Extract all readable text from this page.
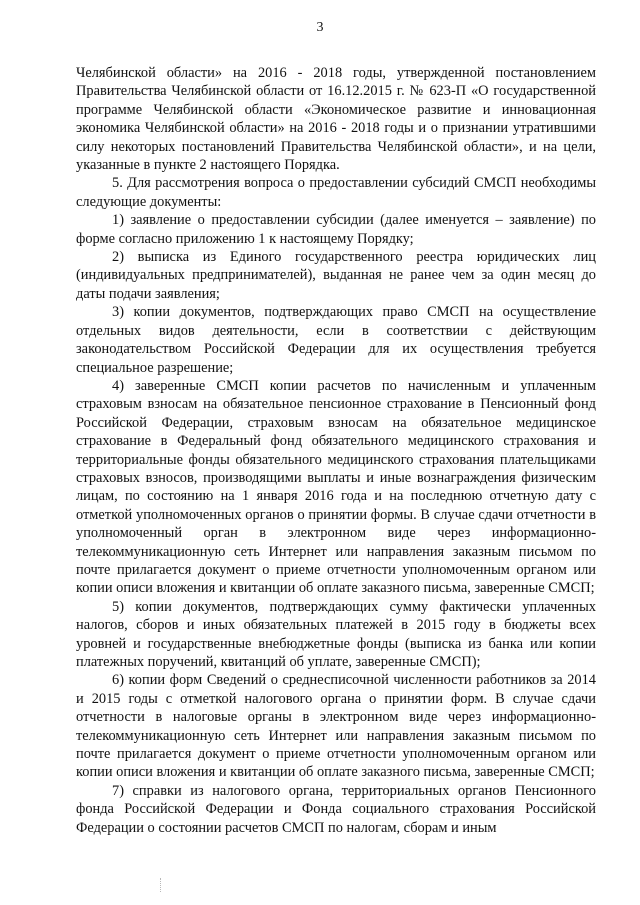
3

Челябинской области» на 2016 - 2018 годы, утвержденной постановлением Правительства Челябинской области от 16.12.2015 г. № 623-П «О государственной программе Челябинской области «Экономическое развитие и инновационная экономика Челябинской области» на 2016 - 2018 годы и о признании утратившими силу некоторых постановлений Правительства Челябинской области», и на цели, указанные в пункте 2 настоящего Порядка.

5. Для рассмотрения вопроса о предоставлении субсидий СМСП необходимы следующие документы:

1) заявление о предоставлении субсидии (далее именуется – заявление) по форме согласно приложению 1 к настоящему Порядку;

2) выписка из Единого государственного реестра юридических лиц (индивидуальных предпринимателей), выданная не ранее чем за один месяц до даты подачи заявления;

3) копии документов, подтверждающих право СМСП на осуществление отдельных видов деятельности, если в соответствии с действующим законодательством Российской Федерации для их осуществления требуется специальное разрешение;

4) заверенные СМСП копии расчетов по начисленным и уплаченным страховым взносам на обязательное пенсионное страхование в Пенсионный фонд Российской Федерации, страховым взносам на обязательное медицинское страхование в Федеральный фонд обязательного медицинского страхования и территориальные фонды обязательного медицинского страхования плательщиками страховых взносов, производящими выплаты и иные вознаграждения физическим лицам, по состоянию на 1 января 2016 года и на последнюю отчетную дату с отметкой уполномоченных органов о принятии формы. В случае сдачи отчетности в уполномоченный орган в электронном виде через информационно-телекоммуникационную сеть Интернет или направления заказным письмом по почте прилагается документ о приеме отчетности уполномоченным органом или копии описи вложения и квитанции об оплате заказного письма, заверенные СМСП;

5) копии документов, подтверждающих сумму фактически уплаченных налогов, сборов и иных обязательных платежей в 2015 году в бюджеты всех уровней и государственные внебюджетные фонды (выписка из банка или копии платежных поручений, квитанций об уплате, заверенные СМСП);

6) копии форм Сведений о среднесписочной численности работников за 2014 и 2015 годы с отметкой налогового органа о принятии форм. В случае сдачи отчетности в налоговые органы в электронном виде через информационно-телекоммуникационную сеть Интернет или направления заказным письмом по почте прилагается документ о приеме отчетности уполномоченным органом или копии описи вложения и квитанции об оплате заказного письма, заверенные СМСП;

7) справки из налогового органа, территориальных органов Пенсионного фонда Российской Федерации и Фонда социального страхования Российской Федерации о состоянии расчетов СМСП по налогам, сборам и иным
